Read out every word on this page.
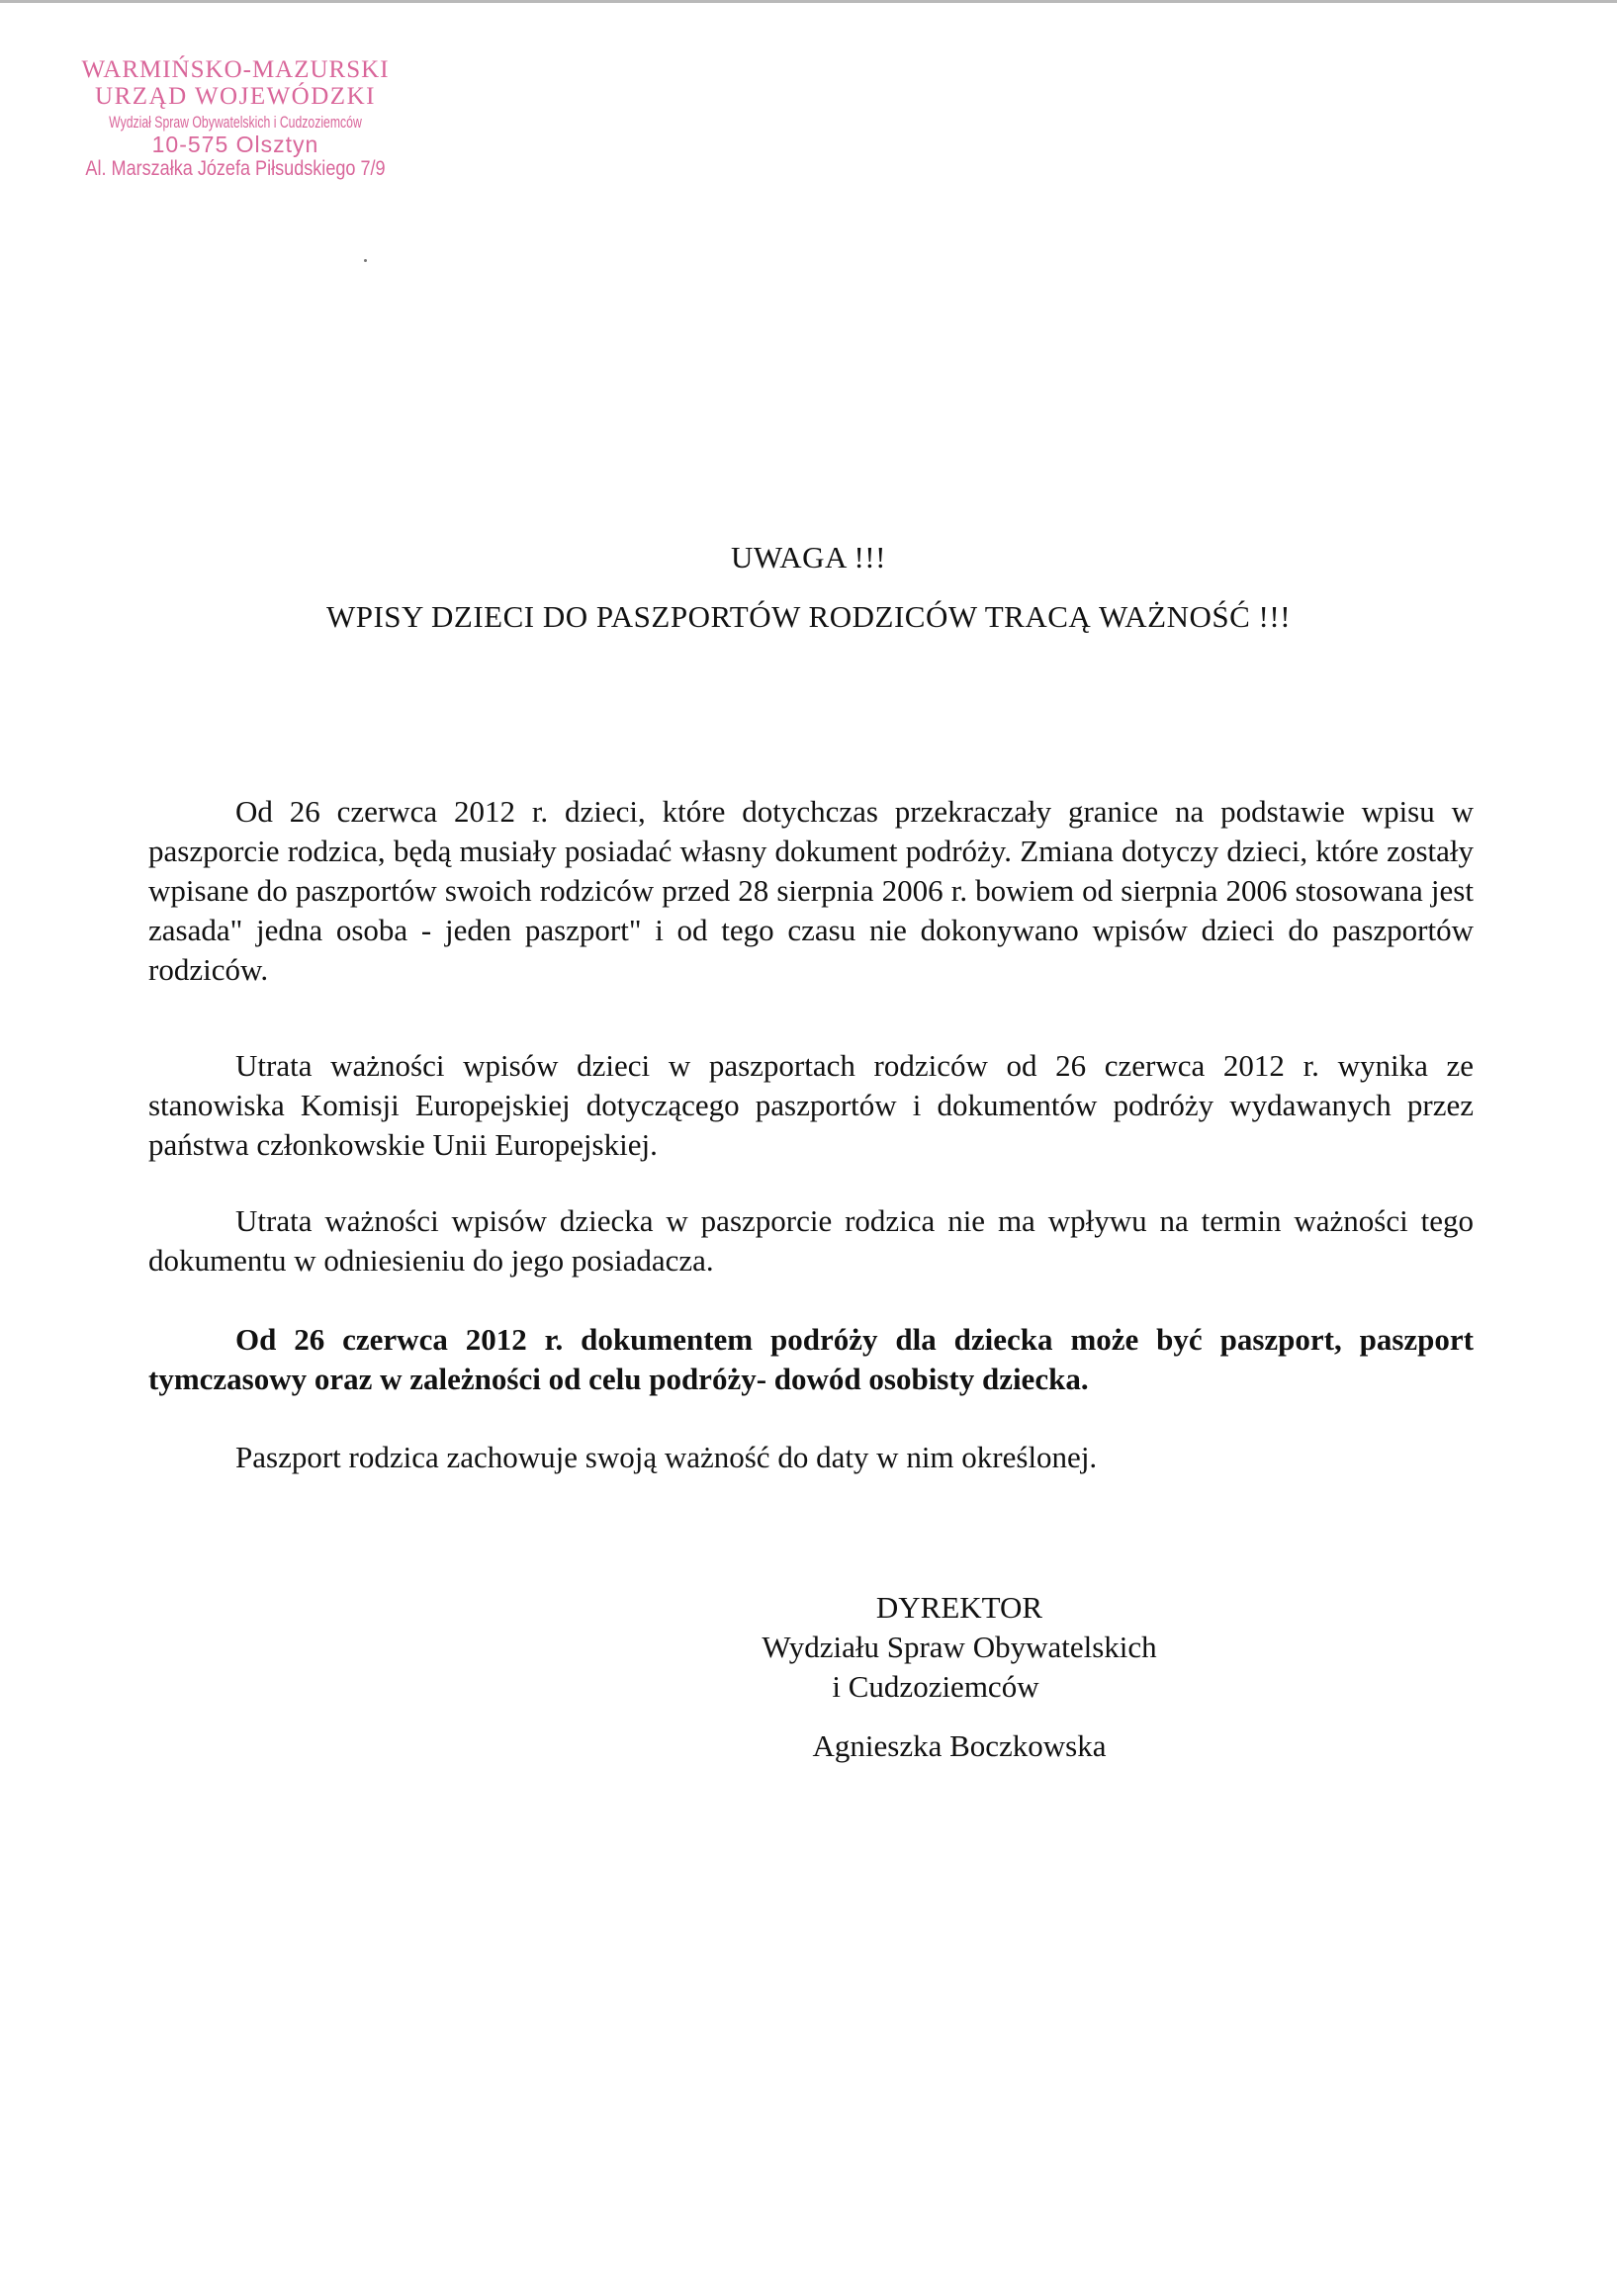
WARMIŃSKO-MAZURSKI
URZĄD WOJEWÓDZKI
Wydział Spraw Obywatelskich i Cudzoziemców
10-575 Olsztyn
Al. Marszałka Józefa Piłsudskiego 7/9
UWAGA !!!
WPISY DZIECI DO PASZPORTÓW RODZICÓW TRACĄ WAŻNOŚĆ !!!

Od 26 czerwca 2012 r. dzieci, które dotychczas przekraczały granice na podstawie wpisu w paszporcie rodzica, będą musiały posiadać własny dokument podróży. Zmiana dotyczy dzieci, które zostały wpisane do paszportów swoich rodziców przed 28 sierpnia 2006 r. bowiem od sierpnia 2006 stosowana jest zasada" jedna osoba - jeden paszport" i od tego czasu nie dokonywano wpisów dzieci do paszportów rodziców.

Utrata ważności wpisów dzieci w paszportach rodziców od 26 czerwca 2012 r. wynika ze stanowiska Komisji Europejskiej dotyczącego paszportów i dokumentów podróży wydawanych przez państwa członkowskie Unii Europejskiej.

Utrata ważności wpisów dziecka w paszporcie rodzica nie ma wpływu na termin ważności tego dokumentu w odniesieniu do jego posiadacza.

Od 26 czerwca 2012 r. dokumentem podróży dla dziecka może być paszport, paszport tymczasowy oraz w zależności od celu podróży- dowód osobisty dziecka.

Paszport rodzica zachowuje swoją ważność do daty w nim określonej.

DYREKTOR
Wydziału Spraw Obywatelskich
i Cudzoziemców
Agnieszka Boczkowska
